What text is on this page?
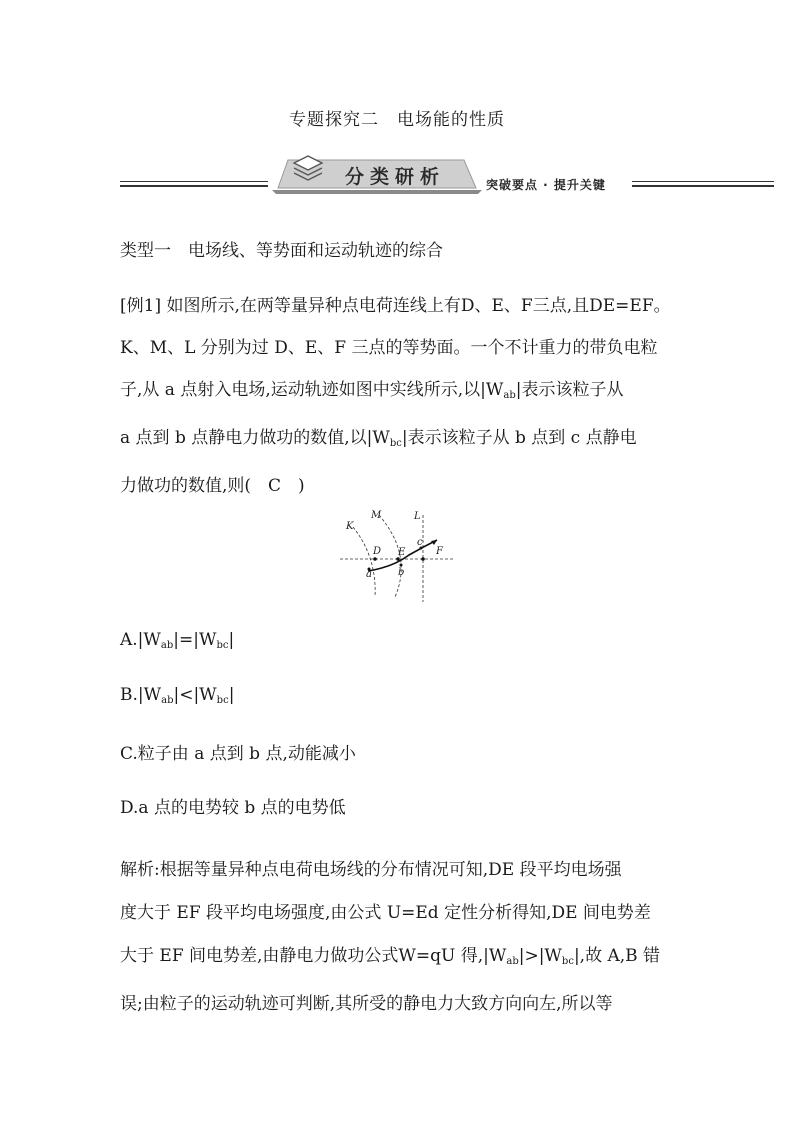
专题探究二　电场能的性质
分类研析	突破要点 · 提升关键
类型一　电场线、等势面和运动轨迹的综合

[例1] 如图所示,在两等量异种点电荷连线上有D、E、F三点,且DE=EF。

K、M、L 分别为过 D、E、F 三点的等势面。一个不计重力的带负电粒

子,从 a 点射入电场,运动轨迹如图中实线所示,以$|W_{ab}|$表示该粒子从

a 点到 b 点静电力做功的数值,以$|W_{bc}|$表示该粒子从 b 点到 c 点静电

力做功的数值,则(　C　)

K
M	L
D E	F
a	b
c
$A.|W_{ab}|=|W_{bc}|$
$B.|W_{ab}|<|W_{bc}|$
C.粒子由 a 点到 b 点,动能减小
D.a 点的电势较 b 点的电势低
解析:根据等量异种点电荷电场线的分布情况可知,DE 段平均电场强
度大于 EF 段平均电场强度,由公式 U=Ed 定性分析得知,DE 间电势差
大于 EF 间电势差,由静电力做功公式W=qU 得$,|W_{ab}|>|W_{bc}|$,故 A,B 错
误;由粒子的运动轨迹可判断,其所受的静电力大致方向向左,所以等
